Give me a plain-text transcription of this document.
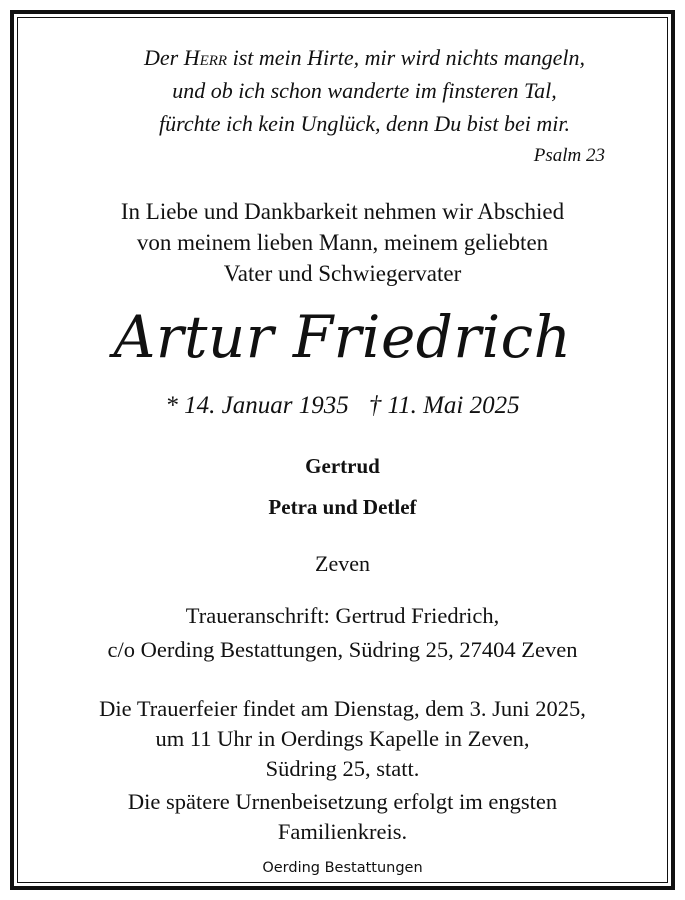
Der Herr ist mein Hirte, mir wird nichts mangeln,
und ob ich schon wanderte im finsteren Tal,
fürchte ich kein Unglück, denn Du bist bei mir.
Psalm 23
In Liebe und Dankbarkeit nehmen wir Abschied
von meinem lieben Mann, meinem geliebten
Vater und Schwiegervater
Artur Friedrich
* 14. Januar 1935 † 11. Mai 2025
Gertrud
Petra und Detlef
Zeven
Traueranschrift: Gertrud Friedrich,
c/o Oerding Bestattungen, Südring 25, 27404 Zeven
Die Trauerfeier findet am Dienstag, dem 3. Juni 2025,
um 11 Uhr in Oerdings Kapelle in Zeven,
Südring 25, statt.
Die spätere Urnenbeisetzung erfolgt im engsten
Familienkreis.
Oerding Bestattungen
